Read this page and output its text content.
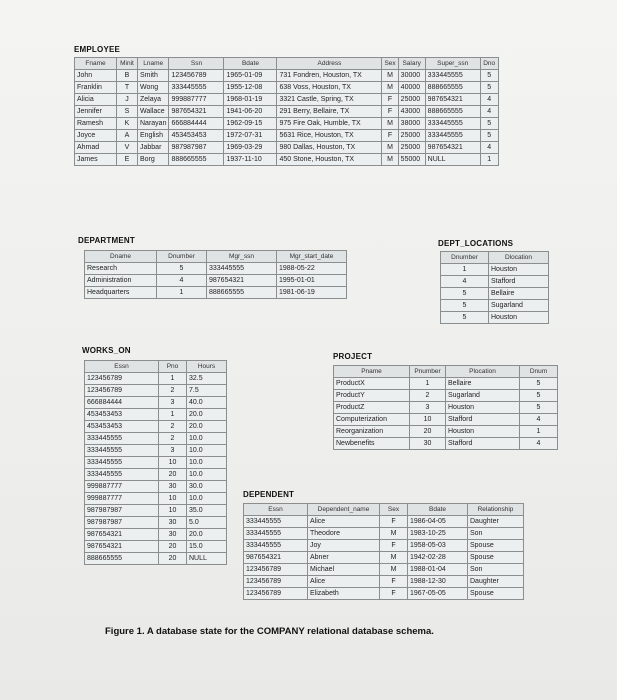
EMPLOYEE
Fname	Minit	Lname	Ssn	Bdate	Address	Sex	Salary	Super_ssn	Dno
John	B	Smith	123456789	1965-01-09	731 Fondren, Houston, TX	M	30000	333445555	5
Franklin	T	Wong	333445555	1955-12-08	638 Voss, Houston, TX	M	40000	888665555	5
Alicia	J	Zelaya	999887777	1968-01-19	3321 Castle, Spring, TX	F	25000	987654321	4
Jennifer	S	Wallace	987654321	1941-06-20	291 Berry, Bellaire, TX	F	43000	888665555	4
Ramesh	K	Narayan	666884444	1962-09-15	975 Fire Oak, Humble, TX	M	38000	333445555	5
Joyce	A	English	453453453	1972-07-31	5631 Rice, Houston, TX	F	25000	333445555	5
Ahmad	V	Jabbar	987987987	1969-03-29	980 Dallas, Houston, TX	M	25000	987654321	4
James	E	Borg	888665555	1937-11-10	450 Stone, Houston, TX	M	55000	NULL	1
DEPARTMENT
Dname	Dnumber	Mgr_ssn	Mgr_start_date
Research	5	333445555	1988-05-22
Administration	4	987654321	1995-01-01
Headquarters	1	888665555	1981-06-19
DEPT_LOCATIONS
Dnumber	Dlocation
1	Houston
4	Stafford
5	Bellaire
5	Sugarland
5	Houston
WORKS_ON
Essn	Pno	Hours
123456789	1	32.5
123456789	2	7.5
666884444	3	40.0
453453453	1	20.0
453453453	2	20.0
333445555	2	10.0
333445555	3	10.0
333445555	10	10.0
333445555	20	10.0
999887777	30	30.0
999887777	10	10.0
987987987	10	35.0
987987987	30	5.0
987654321	30	20.0
987654321	20	15.0
888665555	20	NULL
PROJECT
Pname	Pnumber	Plocation	Dnum
ProductX	1	Bellaire	5
ProductY	2	Sugarland	5
ProductZ	3	Houston	5
Computerization	10	Stafford	4
Reorganization	20	Houston	1
Newbenefits	30	Stafford	4
DEPENDENT
Essn	Dependent_name	Sex	Bdate	Relationship
333445555	Alice	F	1986-04-05	Daughter
333445555	Theodore	M	1983-10-25	Son
333445555	Joy	F	1958-05-03	Spouse
987654321	Abner	M	1942-02-28	Spouse
123456789	Michael	M	1988-01-04	Son
123456789	Alice	F	1988-12-30	Daughter
123456789	Elizabeth	F	1967-05-05	Spouse
Figure 1. A database state for the COMPANY relational database schema.
